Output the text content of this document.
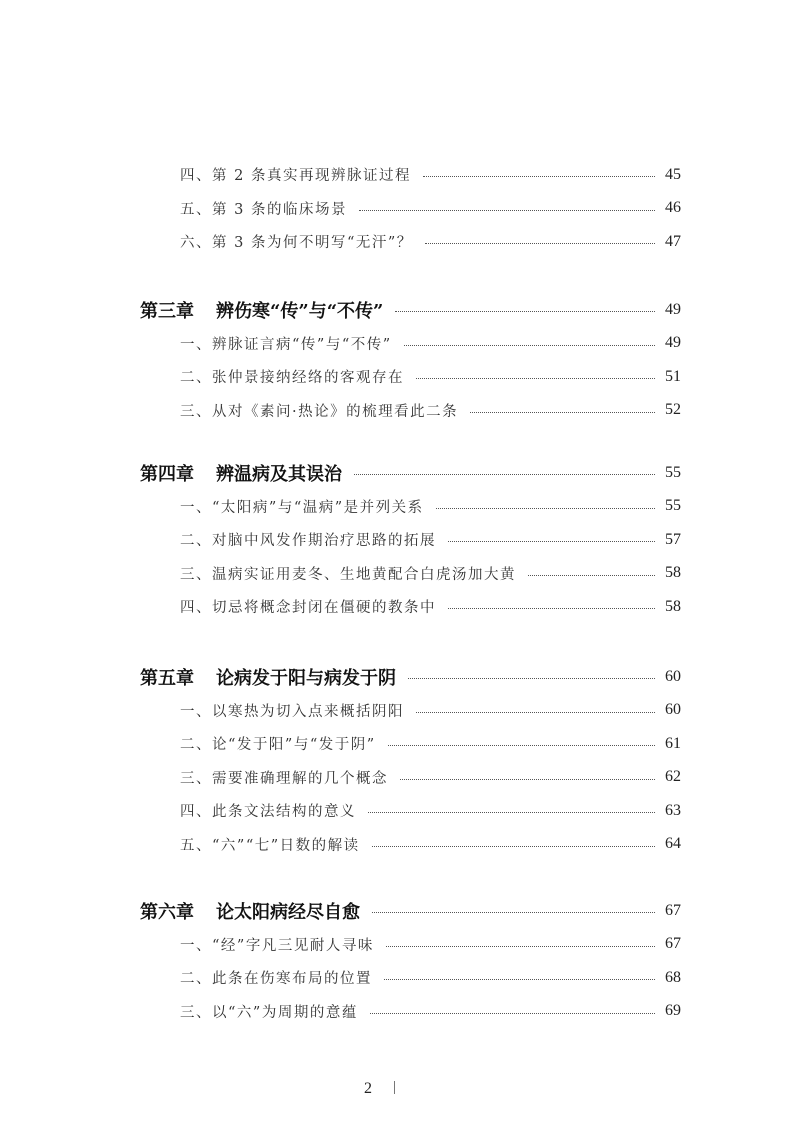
四、第 2 条真实再现辨脉证过程	45
五、第 3 条的临床场景	46
六、第 3 条为何不明写“无汗”？	47
第三章 辨伤寒“传”与“不传”	49
一、辨脉证言病“传”与“不传”	49
二、张仲景接纳经络的客观存在	51
三、从对《素问·热论》的梳理看此二条	52
第四章 辨温病及其误治	55
一、“太阳病”与“温病”是并列关系	55
二、对脑中风发作期治疗思路的拓展	57
三、温病实证用麦冬、生地黄配合白虎汤加大黄	58
四、切忌将概念封闭在僵硬的教条中	58
第五章 论病发于阳与病发于阴	60
一、以寒热为切入点来概括阴阳	60
二、论“发于阳”与“发于阴”	61
三、需要准确理解的几个概念	62
四、此条文法结构的意义	63
五、“六”“七”日数的解读	64
第六章 论太阳病经尽自愈	67
一、“经”字凡三见耐人寻味	67
二、此条在伤寒布局的位置	68
三、以“六”为周期的意蕴	69
2
